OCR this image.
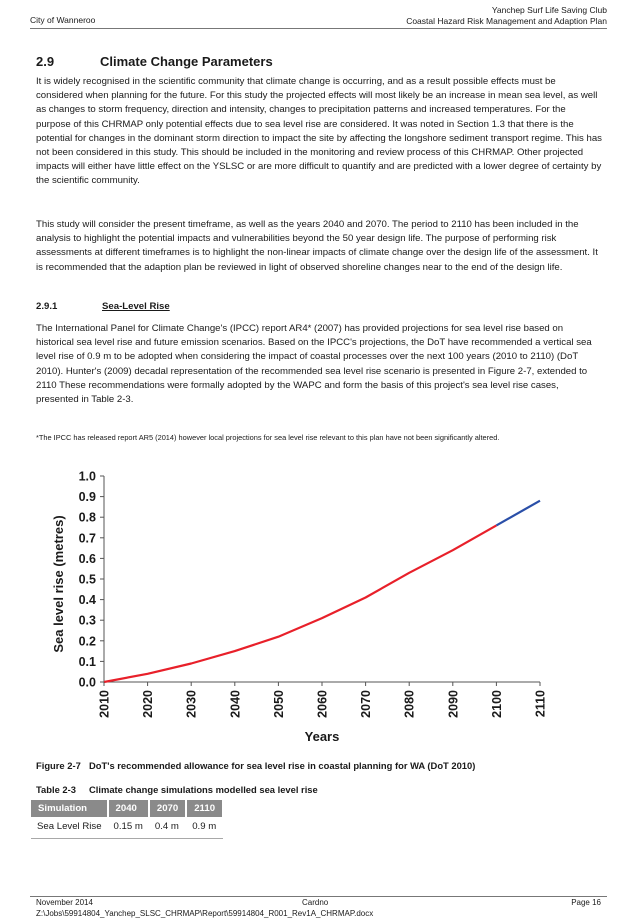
City of Wanneroo
Yanchep Surf Life Saving Club
Coastal Hazard Risk Management and Adaption Plan
2.9	Climate Change Parameters

It is widely recognised in the scientific community that climate change is occurring, and as a result possible effects must be considered when planning for the future. For this study the projected effects will most likely be an increase in mean sea level, as well as changes to storm frequency, direction and intensity, changes to precipitation patterns and increased temperatures. For the purpose of this CHRMAP only potential effects due to sea level rise are considered. It was noted in Section 1.3 that there is the potential for changes in the dominant storm direction to impact the site by affecting the longshore sediment transport regime. This has not been considered in this study. This should be included in the monitoring and review process of this CHRMAP. Other projected impacts will either have little effect on the YSLSC or are more difficult to quantify and are predicted with a lower degree of certainty by the scientific community.

This study will consider the present timeframe, as well as the years 2040 and 2070. The period to 2110 has been included in the analysis to highlight the potential impacts and vulnerabilities beyond the 50 year design life. The purpose of performing risk assessments at different timeframes is to highlight the non-linear impacts of climate change over the design life of the assessment. It is recommended that the adaption plan be reviewed in light of observed shoreline changes near to the end of the design life.

2.9.1	Sea-Level Rise

The International Panel for Climate Change's (IPCC) report AR4* (2007) has provided projections for sea level rise based on historical sea level rise and future emission scenarios. Based on the IPCC's projections, the DoT have recommended a vertical sea level rise of 0.9 m to be adopted when considering the impact of coastal processes over the next 100 years (2010 to 2110) (DoT 2010). Hunter's (2009) decadal representation of the recommended sea level rise scenario is presented in Figure 2-7, extended to 2110 These recommendations were formally adopted by the WAPC and form the basis of this project's sea level rise cases, presented in Table 2-3.

*The IPCC has released report AR5 (2014) however local projections for sea level rise relevant to this plan have not been significantly altered.

0.0
0.1
0.2
0.3
0.4
0.5
0.6
0.7
0.8
0.9
1.0
2010 2020 2030 2040 2050 2060 2070 2080 2090 2100 2110
Sea level rise (metres)
Years
Figure 2-7 DoT's recommended allowance for sea level rise in coastal planning for WA (DoT 2010)
Table 2-3 Climate change simulations modelled sea level rise
Simulation	2040	2070	2110
Sea Level Rise	0.15 m	0.4 m	0.9 m
November 2014	Cardno	Page 16
Z:\Jobs\59914804_Yanchep_SLSC_CHRMAP\Report\59914804_R001_Rev1A_CHRMAP.docx
